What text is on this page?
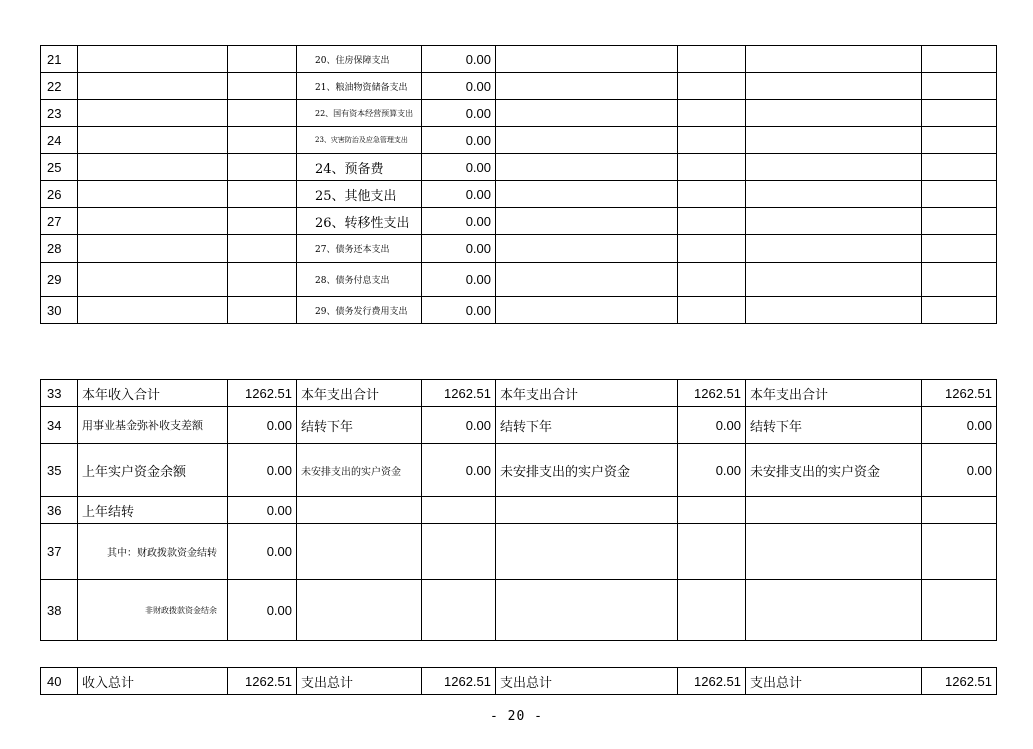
21			20、住房保障支出	0.00				
22			21、粮油物资储备支出	0.00				
23			22、国有资本经营预算支出	0.00				
24			23、灾害防治及应急管理支出	0.00				
25			24、预备费	0.00				
26			25、其他支出	0.00				
27			26、转移性支出	0.00				
28			27、债务还本支出	0.00				
29			28、债务付息支出	0.00				
30			29、债务发行费用支出	0.00				
33	本年收入合计	1262.51	本年支出合计	1262.51	本年支出合计	1262.51	本年支出合计	1262.51
34	用事业基金弥补收支差额	0.00	结转下年	0.00	结转下年	0.00	结转下年	0.00
35	上年实户资金余额	0.00	未安排支出的实户资金	0.00	未安排支出的实户资金	0.00	未安排支出的实户资金	0.00
36	上年结转	0.00						
37	其中：财政拨款资金结转	0.00						
38	非财政拨款资金结余	0.00						
40	收入总计	1262.51	支出总计	1262.51	支出总计	1262.51	支出总计	1262.51
- 20 -
